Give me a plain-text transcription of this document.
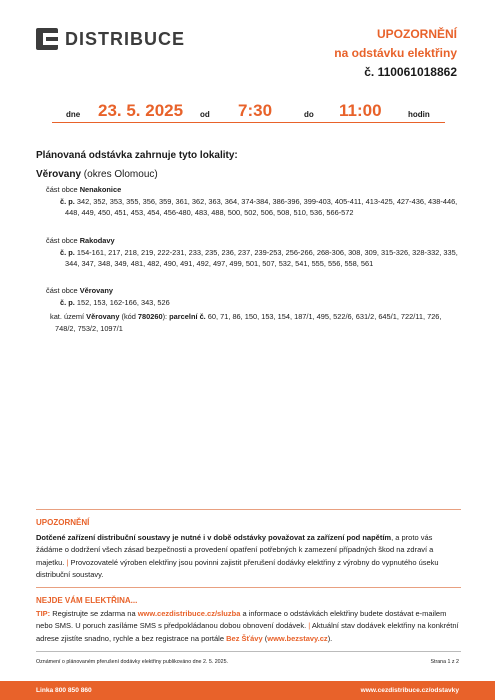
DISTRIBUCE	UPOZORNĚNÍ
na odstávku elektřiny
č. 110061018862
dne 23. 5. 2025 od 7:30	do 11:00	hodin
Plánovaná odstávka zahrnuje tyto lokality:
Věrovany (okres Olomouc)
část obce Nenakonice
č. p. 342, 352, 353, 355, 356, 359, 361, 362, 363, 364, 374-384, 386-396, 399-403, 405-411, 413-425, 427-436, 438-446, 448, 449, 450, 451, 453, 454, 456-480, 483, 488, 500, 502, 506, 508, 510, 536, 566-572
část obce Rakodavy
č. p. 154-161, 217, 218, 219, 222-231, 233, 235, 236, 237, 239-253, 256-266, 268-306, 308, 309, 315-326, 328-332, 335, 344, 347, 348, 349, 481, 482, 490, 491, 492, 497, 499, 501, 507, 532, 541, 555, 556, 558, 561
část obce Věrovany
č. p. 152, 153, 162-166, 343, 526
kat. území Věrovany (kód 780260): parcelní č. 60, 71, 86, 150, 153, 154, 187/1, 495, 522/6, 631/2, 645/1, 722/11, 726, 748/2, 753/2, 1097/1
UPOZORNĚNÍ
Dotčené zařízení distribuční soustavy je nutné i v době odstávky považovat za zařízení pod napětím, a proto vás žádáme o dodržení všech zásad bezpečnosti a provedení opatření potřebných k zamezení případných škod na zdraví a majetku. | Provozovatelé výroben elektřiny jsou povinni zajistit přerušení dodávky elektřiny z výrobny do vypnutého úseku distribuční soustavy.
NEJDE VÁM ELEKTŘINA...
TIP: Registrujte se zdarma na www.cezdistribuce.cz/sluzba a informace o odstávkách elektřiny budete dostávat e-mailem nebo SMS. U poruch zasíláme SMS s předpokládanou dobou obnovení dodávek. | Aktuální stav dodávek elektřiny na konkrétní adrese zjistíte snadno, rychle a bez registrace na portále Bez Šťávy (www.bezstavy.cz).
Oznámení o plánovaném přerušení dodávky elektřiny publikováno dne 2. 5. 2025.	Strana 1 z 2
Linka 800 850 860	www.cezdistribuce.cz/odstavky
